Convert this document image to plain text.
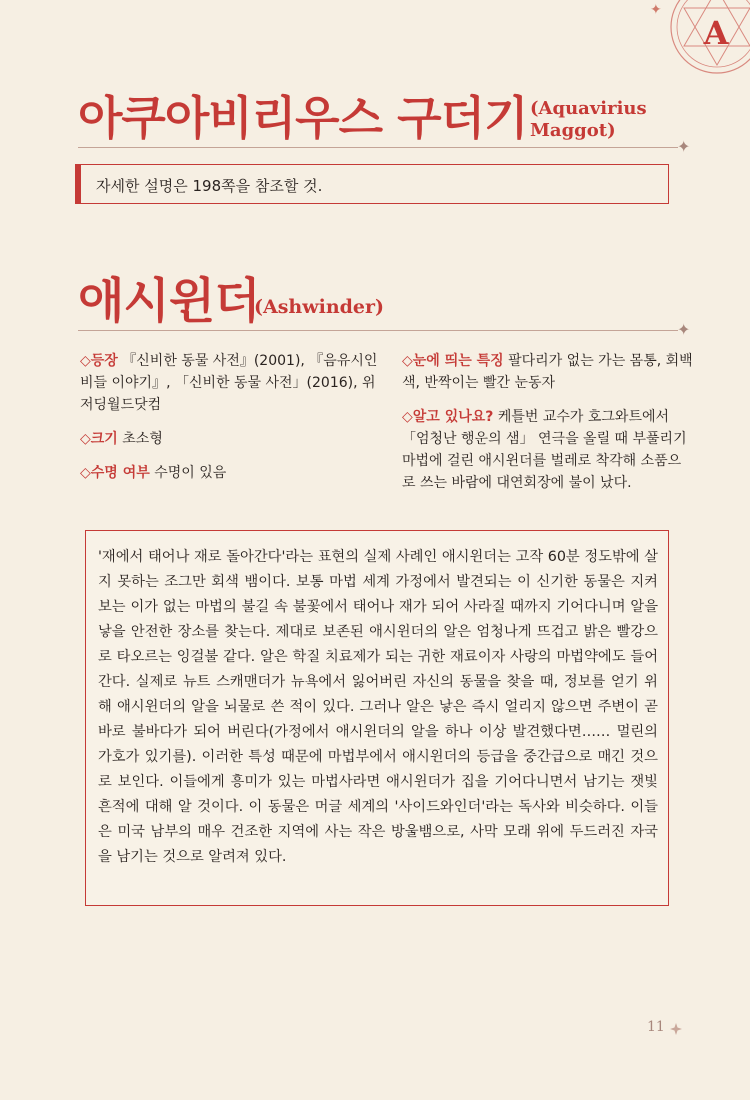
A
✦
아쿠아비리우스 구더기 (Aquavirius
Maggot)
✦
자세한 설명은 198쪽을 참조할 것.
애시윈더
(Ashwinder)
✦

◇등장 『신비한 동물 사전』(2001), 『음유시인 비들 이야기』, 「신비한 동물 사전」(2016), 위저딩월드닷컴

◇크기 초소형

◇수명 여부 수명이 있음

◇눈에 띄는 특징 팔다리가 없는 가는 몸통, 회백색, 반짝이는 빨간 눈동자

◇알고 있나요? 케틀번 교수가 호그와트에서 「엄청난 행운의 샘」 연극을 올릴 때 부풀리기 마법에 걸린 애시윈더를 벌레로 착각해 소품으로 쓰는 바람에 대연회장에 불이 났다.

'재에서 태어나 재로 돌아간다'라는 표현의 실제 사례인 애시윈더는 고작 60분 정도밖에 살지 못하는 조그만 회색 뱀이다. 보통 마법 세계 가정에서 발견되는 이 신기한 동물은 지켜보는 이가 없는 마법의 불길 속 불꽃에서 태어나 재가 되어 사라질 때까지 기어다니며 알을 낳을 안전한 장소를 찾는다. 제대로 보존된 애시윈더의 알은 엄청나게 뜨겁고 밝은 빨강으로 타오르는 잉걸불 같다. 알은 학질 치료제가 되는 귀한 재료이자 사랑의 마법약에도 들어간다. 실제로 뉴트 스캐맨더가 뉴욕에서 잃어버린 자신의 동물을 찾을 때, 정보를 얻기 위해 애시윈더의 알을 뇌물로 쓴 적이 있다. 그러나 알은 낳은 즉시 얼리지 않으면 주변이 곧바로 불바다가 되어 버린다(가정에서 애시윈더의 알을 하나 이상 발견했다면…… 멀린의 가호가 있기를). 이러한 특성 때문에 마법부에서 애시윈더의 등급을 중간급으로 매긴 것으로 보인다. 이들에게 흥미가 있는 마법사라면 애시윈더가 집을 기어다니면서 남기는 잿빛 흔적에 대해 알 것이다. 이 동물은 머글 세계의 '사이드와인더'라는 독사와 비슷하다. 이들은 미국 남부의 매우 건조한 지역에 사는 작은 방울뱀으로, 사막 모래 위에 두드러진 자국을 남기는 것으로 알려져 있다.
11
